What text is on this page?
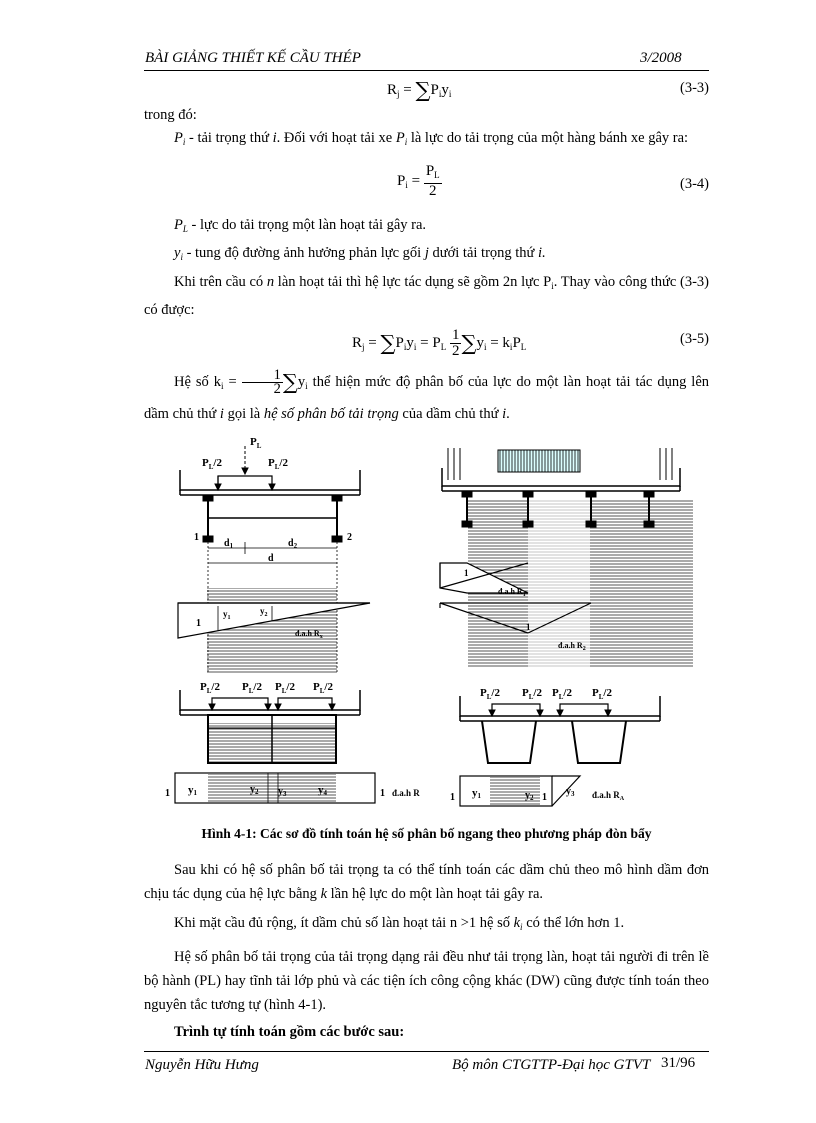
BÀI GIẢNG THIẾT KẾ CẦU THÉP	3/2008
$R_j = \sum P_iy_i$	(3-3)
trong đó:
$P_i$ - tải trọng thứ i. Đối với hoạt tải xe $P_i$ là lực do tải trọng của một hàng bánh xe gây ra:
$P_i = \frac{P_L}{2}$	(3-4)
$P_L$ - lực do tải trọng một làn hoạt tải gây ra.
$y_i$ - tung độ đường ảnh hưởng phản lực gối j dưới tải trọng thứ i.
Khi trên cầu có n làn hoạt tải thì hệ lực tác dụng sẽ gồm 2n lực $P_i$. Thay vào công thức (3-3) có được:
$R_j = \sum P_iy_i = P_L \frac{1}{2} \sum y_i = k_iP_L$	(3-5)
Hệ số $k_i = \frac{1}{2} \sum y_i$ thể hiện mức độ phân bố của lực do một làn hoạt tải tác dụng lên dầm chủ thứ i gọi là hệ số phân bố tải trọng của dầm chủ thứ i.
$P_L$
$P_L/2$	$P_L/2$
1	2
$d_1$	$d_2$
d
1
$y_1$
$y_2$
đ.a.h $R_x$
1
đ.a.h $R_1$
1
đ.a.h $R_2$
$P_L/2$ $P_L/2$ $P_L/2$ $P_L/2$
1	1
y1	$y_2$ $y_3$	y4	đ.a.h R
$P_L/2$ $P_L/2$ $P_L/2$ $P_L/2$
1 y1	$y_2$ 1
$y_3$ đ.a.h $R_A$
Hình 4-1: Các sơ đồ tính toán hệ số phân bố ngang theo phương pháp đòn bẩy
Sau khi có hệ số phân bố tải trọng ta có thể tính toán các dầm chủ theo mô hình dầm đơn chịu tác dụng của hệ lực bằng k lần hệ lực do một làn hoạt tải gây ra.
Khi mặt cầu đủ rộng, ít dầm chủ số làn hoạt tải n >1 hệ số $k_i$ có thể lớn hơn 1.
Hệ số phân bố tải trọng của tải trọng dạng rải đều như tải trọng làn, hoạt tải người đi trên lề bộ hành (PL) hay tĩnh tải lớp phủ và các tiện ích công cộng khác (DW) cũng được tính toán theo nguyên tắc tương tự (hình 4-1).
Trình tự tính toán gồm các bước sau:
Nguyễn Hữu Hưng	Bộ môn CTGTTP-Đại học GTVT 31/96
